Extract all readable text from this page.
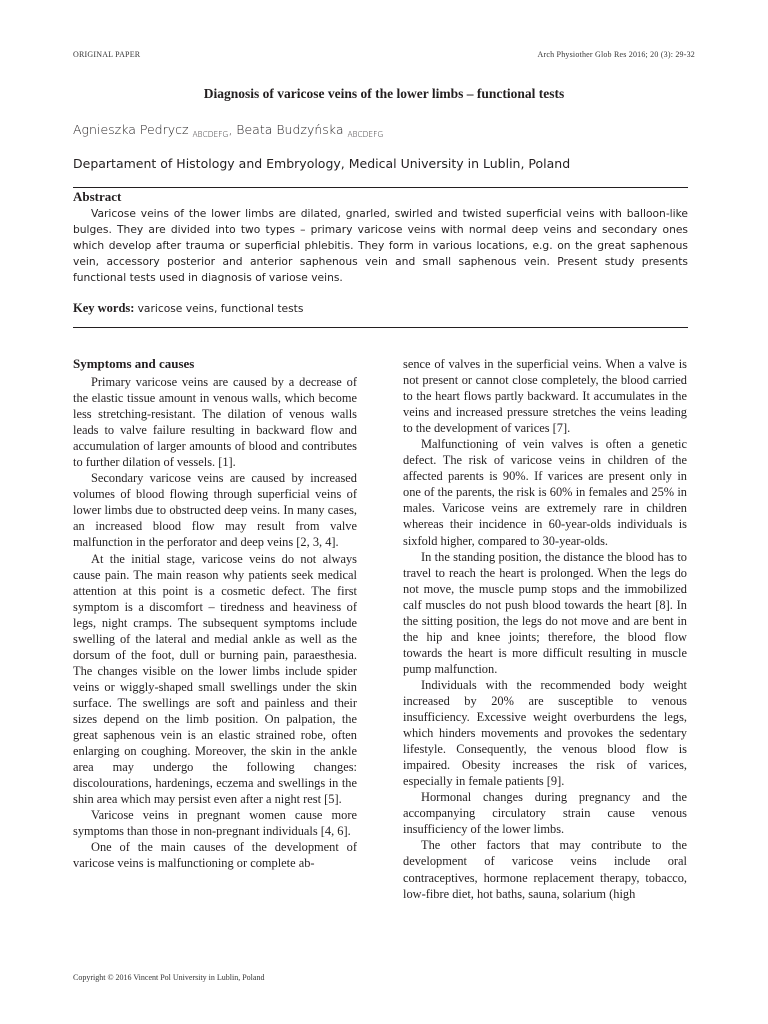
ORIGINAL PAPER	Arch Physiother Glob Res 2016; 20 (3): 29-32
Diagnosis of varicose veins of the lower limbs – functional tests
Agnieszka Pedrycz $_{ABCDEFG}$, Beata Budzyńska $_{ABCDEFG}$
Departament of Histology and Embryology, Medical University in Lublin, Poland
Abstract

Varicose veins of the lower limbs are dilated, gnarled, swirled and twisted superficial veins with balloon-like bulges. They are divided into two types – primary varicose veins with normal deep veins and secondary ones which develop after trauma or superficial phlebitis. They form in various locations, e.g. on the great saphenous vein, accessory posterior and anterior saphenous vein and small saphenous vein. Present study presents functional tests used in diagnosis of variose veins.

Key words: varicose veins, functional tests
Symptoms and causes

Primary varicose veins are caused by a decrease of the elastic tissue amount in venous walls, which become less stretching-resistant. The dilation of venous walls leads to valve failure resulting in backward flow and accumulation of larger amounts of blood and contributes to further dilation of vessels. [1].

Secondary varicose veins are caused by increased volumes of blood flowing through superficial veins of lower limbs due to obstructed deep veins. In many cases, an increased blood flow may result from valve malfunction in the perforator and deep veins [2, 3, 4].

At the initial stage, varicose veins do not always cause pain. The main reason why patients seek medical attention at this point is a cosmetic defect. The first symptom is a discomfort – tiredness and heaviness of legs, night cramps. The subsequent symptoms include swelling of the lateral and medial ankle as well as the dorsum of the foot, dull or burning pain, paraesthesia. The changes visible on the lower limbs include spider veins or wiggly-shaped small swellings under the skin surface. The swellings are soft and painless and their sizes depend on the limb position. On palpation, the great saphenous vein is an elastic strained robe, often enlarging on coughing. Moreover, the skin in the ankle area may undergo the following changes: discolourations, hardenings, eczema and swellings in the shin area which may persist even after a night rest [5].

Varicose veins in pregnant women cause more symptoms than those in non-pregnant individuals [4, 6].

One of the main causes of the development of varicose veins is malfunctioning or complete ab-

sence of valves in the superficial veins. When a valve is not present or cannot close completely, the blood carried to the heart flows partly backward. It accumulates in the veins and increased pressure stretches the veins leading to the development of varices [7].

Malfunctioning of vein valves is often a genetic defect. The risk of varicose veins in children of the affected parents is 90%. If varices are present only in one of the parents, the risk is 60% in females and 25% in males. Varicose veins are extremely rare in children whereas their incidence in 60-year-olds individuals is sixfold higher, compared to 30-year-olds.

In the standing position, the distance the blood has to travel to reach the heart is prolonged. When the legs do not move, the muscle pump stops and the immobilized calf muscles do not push blood towards the heart [8]. In the sitting position, the legs do not move and are bent in the hip and knee joints; therefore, the blood flow towards the heart is more difficult resulting in muscle pump malfunction.

Individuals with the recommended body weight increased by 20% are susceptible to venous insufficiency. Excessive weight overburdens the legs, which hinders movements and provokes the sedentary lifestyle. Consequently, the venous blood flow is impaired. Obesity increases the risk of varices, especially in female patients [9].

Hormonal changes during pregnancy and the accompanying circulatory strain cause venous insufficiency of the lower limbs.

The other factors that may contribute to the development of varicose veins include oral contraceptives, hormone replacement therapy, tobacco, low-fibre diet, hot baths, sauna, solarium (high

Copyright © 2016 Vincent Pol University in Lublin, Poland
